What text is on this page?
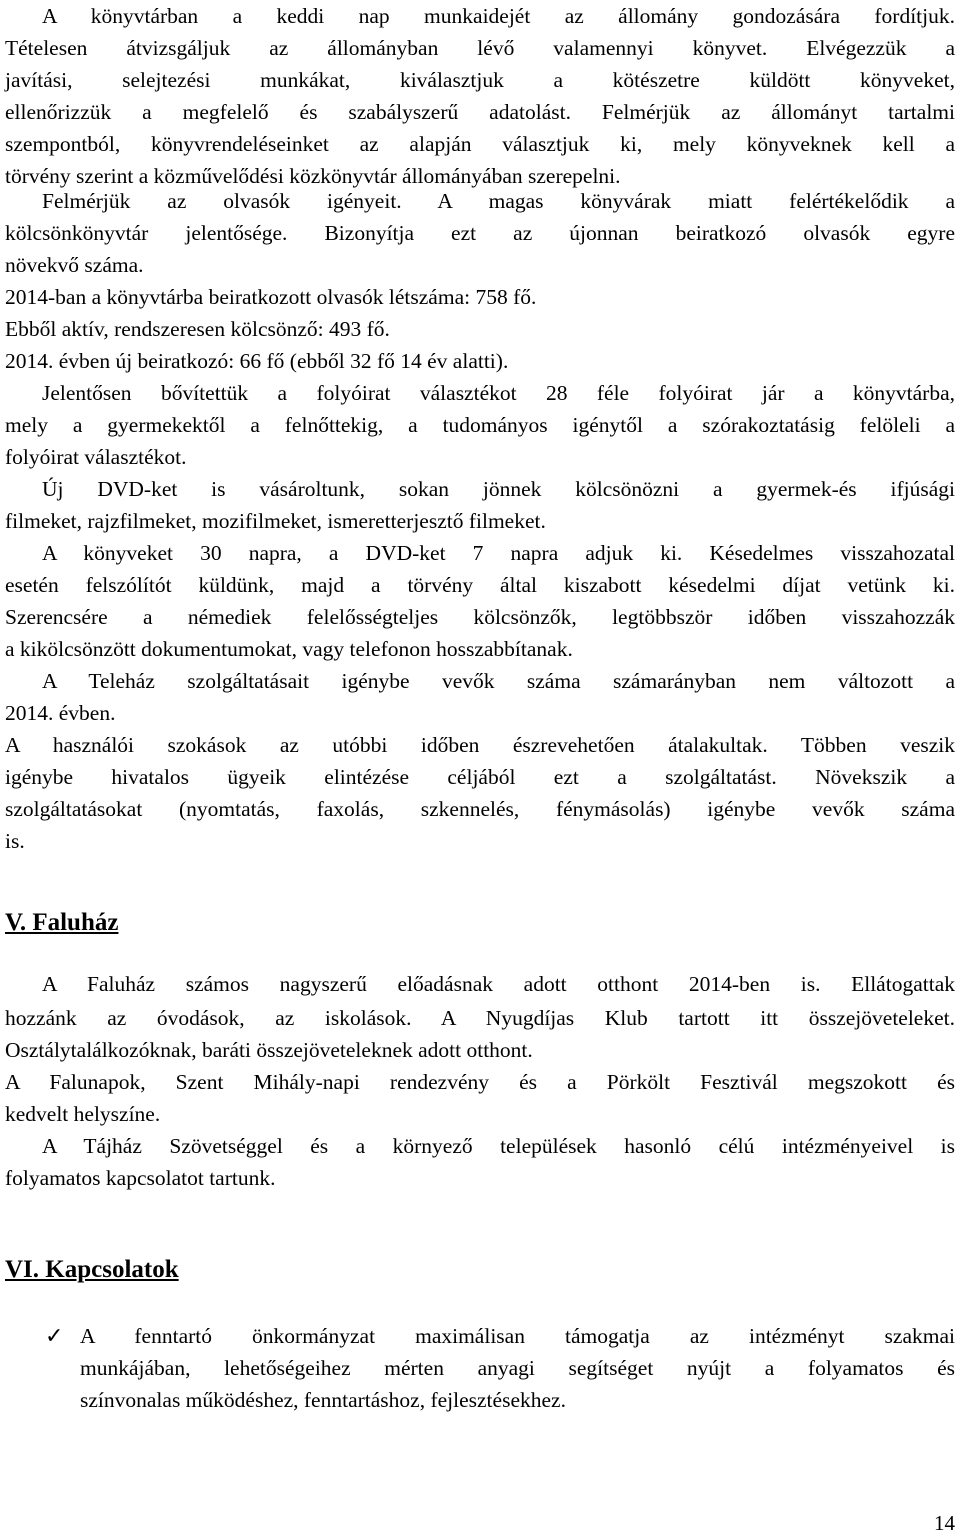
A könyvtárban a keddi nap munkaidejét az állomány gondozására fordítjuk.
Tételesen átvizsgáljuk az állományban lévő valamennyi könyvet. Elvégezzük a
javítási, selejtezési munkákat, kiválasztjuk a kötészetre küldött könyveket,
ellenőrizzük a megfelelő és szabályszerű adatolást. Felmérjük az állományt tartalmi
szempontból, könyvrendeléseinket az alapján választjuk ki, mely könyveknek kell a
törvény szerint a közművelődési közkönyvtár állományában szerepelni.
Felmérjük az olvasók igényeit. A magas könyvárak miatt felértékelődik a
kölcsönkönyvtár jelentősége. Bizonyítja ezt az újonnan beiratkozó olvasók egyre
növekvő száma.
2014-ban a könyvtárba beiratkozott olvasók létszáma: 758 fő.
Ebből aktív, rendszeresen kölcsönző: 493 fő.
2014. évben új beiratkozó: 66 fő (ebből 32 fő 14 év alatti).
Jelentősen bővítettük a folyóirat választékot 28 féle folyóirat jár a könyvtárba,
mely a gyermekektől a felnőttekig, a tudományos igénytől a szórakoztatásig felöleli a
folyóirat választékot.
Új DVD-ket is vásároltunk, sokan jönnek kölcsönözni a gyermek-és ifjúsági
filmeket, rajzfilmeket, mozifilmeket, ismeretterjesztő filmeket.
A könyveket 30 napra, a DVD-ket 7 napra adjuk ki. Késedelmes visszahozatal
esetén felszólítót küldünk, majd a törvény által kiszabott késedelmi díjat vetünk ki.
Szerencsére a némediek felelősségteljes kölcsönzők, legtöbbször időben visszahozzák
a kikölcsönzött dokumentumokat, vagy telefonon hosszabbítanak.
A Teleház szolgáltatásait igénybe vevők száma számarányban nem változott a
2014. évben.
A használói szokások az utóbbi időben észrevehetően átalakultak. Többen veszik
igénybe hivatalos ügyeik elintézése céljából ezt a szolgáltatást. Növekszik a
szolgáltatásokat (nyomtatás, faxolás, szkennelés, fénymásolás) igénybe vevők száma
is.
V. Faluház
A Faluház számos nagyszerű előadásnak adott otthont 2014-ben is. Ellátogattak
hozzánk az óvodások, az iskolások. A Nyugdíjas Klub tartott itt összejöveteleket.
Osztálytalálkozóknak, baráti összejöveteleknek adott otthont.
A Falunapok, Szent Mihály-napi rendezvény és a Pörkölt Fesztivál megszokott és
kedvelt helyszíne.
A Tájház Szövetséggel és a környező települések hasonló célú intézményeivel is
folyamatos kapcsolatot tartunk.
VI. Kapcsolatok
✓ A fenntartó önkormányzat maximálisan támogatja az intézményt szakmai
munkájában, lehetőségeihez mérten anyagi segítséget nyújt a folyamatos és
színvonalas működéshez, fenntartáshoz, fejlesztésekhez.
14
